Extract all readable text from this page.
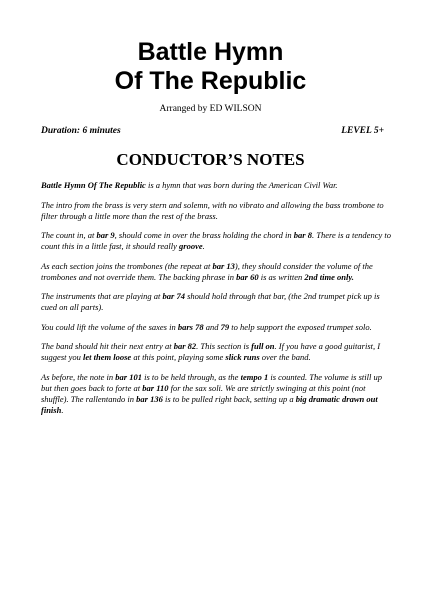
Battle Hymn
Of The Republic
Arranged by ED WILSON
Duration: 6 minutes	LEVEL 5+
CONDUCTOR’S NOTES

Battle Hymn Of The Republic is a hymn that was born during the American Civil War.

The intro from the brass is very stern and solemn, with no vibrato and allowing the bass trombone to filter through a little more than the rest of the brass.

The count in, at bar 9, should come in over the brass holding the chord in bar 8. There is a tendency to count this in a little fast, it should really groove.

As each section joins the trombones (the repeat at bar 13), they should consider the volume of the trombones and not override them. The backing phrase in bar 60 is as written 2nd time only.

The instruments that are playing at bar 74 should hold through that bar, (the 2nd trumpet pick up is cued on all parts).

You could lift the volume of the saxes in bars 78 and 79 to help support the exposed trumpet solo.

The band should hit their next entry at bar 82. This section is full on. If you have a good guitarist, I suggest you let them loose at this point, playing some slick runs over the band.

As before, the note in bar 101 is to be held through, as the tempo 1 is counted. The volume is still up but then goes back to forte at bar 110 for the sax soli. We are strictly swinging at this point (not shuffle). The rallentando in bar 136 is to be pulled right back, setting up a big dramatic drawn out finish.
